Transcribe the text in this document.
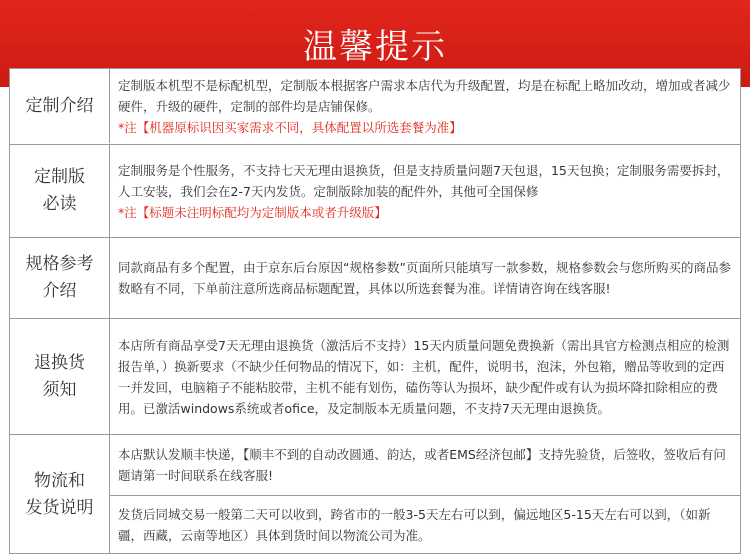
温馨提示
定制介绍

定制版本机型不是标配机型，定制版本根据客户需求本店代为升级配置，均是在标配上略加改动，增加或者减少硬件，升级的硬件，定制的部件均是店铺保修。

*注【机器原标识因买家需求不同，具体配置以所选套餐为准】

定制版
必读

定制服务是个性服务，不支持七天无理由退换货，但是支持质量问题7天包退，15天包换；定制服务需要拆封，人工安装，我们会在2-7天内发货。定制版除加装的配件外，其他可全国保修

*注【标题未注明标配均为定制版本或者升级版】

规格参考
介绍

同款商品有多个配置，由于京东后台原因“规格参数”页面所只能填写一款参数，规格参数会与您所购买的商品参数略有不同，下单前注意所选商品标题配置，具体以所选套餐为准。详情请咨询在线客服!

退换货
须知

本店所有商品享受7天无理由退换货（激活后不支持）15天内质量问题免费换新（需出具官方检测点相应的检测报告单，）换新要求（不缺少任何物品的情况下，如：主机，配件，说明书，泡沫，外包箱，赠品等收到的定西一并发回，电脑箱子不能粘胶带，主机不能有划伤，磕伤等认为损坏，缺少配件或有认为损坏降扣除相应的费用。已激活windows系统或者ofice，及定制版本无质量问题，不支持7天无理由退换货。

物流和
发货说明

本店默认发顺丰快递，【顺丰不到的自动改圆通、韵达，或者EMS经济包邮】支持先验货，后签收，签收后有问题请第一时间联系在线客服!

发货后同城交易一般第二天可以收到，跨省市的一般3-5天左右可以到，偏远地区5-15天左右可以到，（如新疆，西藏，云南等地区）具体到货时间以物流公司为准。
